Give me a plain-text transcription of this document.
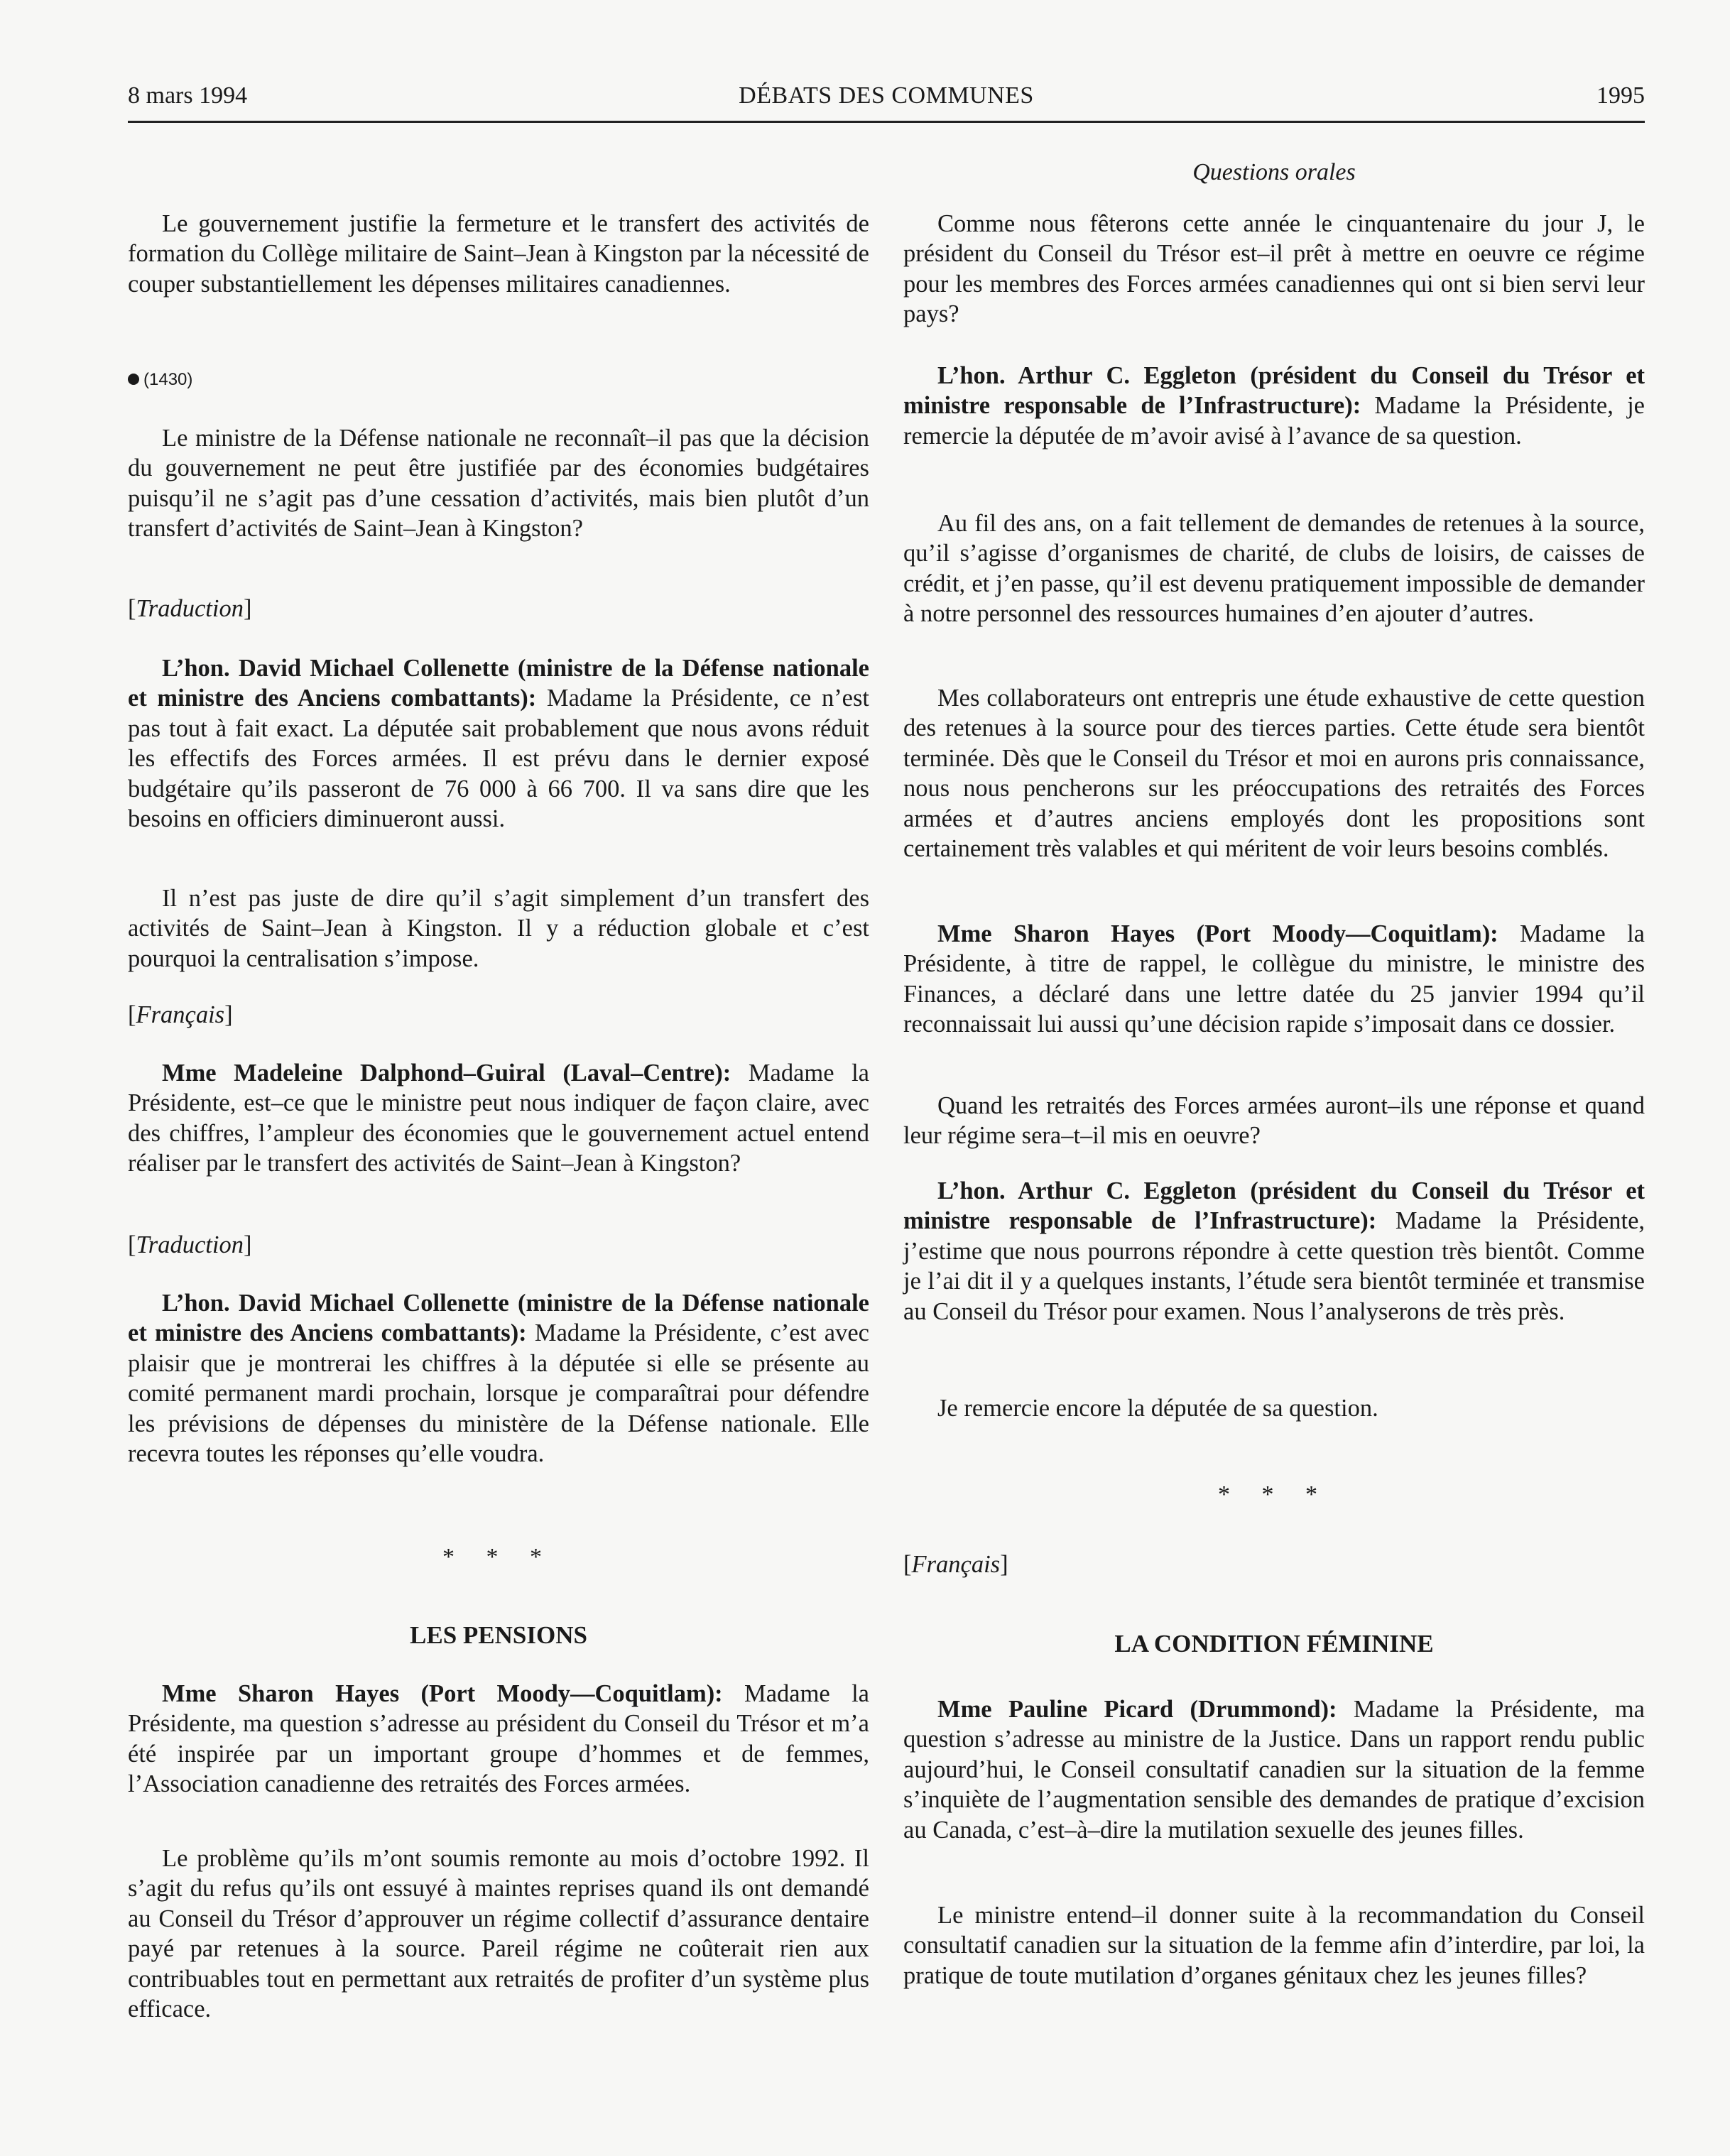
8 mars 1994	DÉBATS DES COMMUNES	1995

Le gouvernement justifie la fermeture et le transfert des activités de formation du Collège militaire de Saint–Jean à Kingston par la nécessité de couper substantiellement les dépenses militaires canadiennes.

(1430)

Le ministre de la Défense nationale ne reconnaît–il pas que la décision du gouvernement ne peut être justifiée par des économies budgétaires puisqu’il ne s’agit pas d’une cessation d’activités, mais bien plutôt d’un transfert d’activités de Saint–Jean à Kingston?

[Traduction]

L’hon. David Michael Collenette (ministre de la Défense nationale et ministre des Anciens combattants): Madame la Présidente, ce n’est pas tout à fait exact. La députée sait probablement que nous avons réduit les effectifs des Forces armées. Il est prévu dans le dernier exposé budgétaire qu’ils passeront de 76 000 à 66 700. Il va sans dire que les besoins en officiers diminueront aussi.

Il n’est pas juste de dire qu’il s’agit simplement d’un transfert des activités de Saint–Jean à Kingston. Il y a réduction globale et c’est pourquoi la centralisation s’impose.

[Français]

Mme Madeleine Dalphond–Guiral (Laval–Centre): Madame la Présidente, est–ce que le ministre peut nous indiquer de façon claire, avec des chiffres, l’ampleur des économies que le gouvernement actuel entend réaliser par le transfert des activités de Saint–Jean à Kingston?

[Traduction]

L’hon. David Michael Collenette (ministre de la Défense nationale et ministre des Anciens combattants): Madame la Présidente, c’est avec plaisir que je montrerai les chiffres à la députée si elle se présente au comité permanent mardi prochain, lorsque je comparaîtrai pour défendre les prévisions de dépenses du ministère de la Défense nationale. Elle recevra toutes les réponses qu’elle voudra.

* * *
LES PENSIONS

Mme Sharon Hayes (Port Moody—Coquitlam): Madame la Présidente, ma question s’adresse au président du Conseil du Trésor et m’a été inspirée par un important groupe d’hommes et de femmes, l’Association canadienne des retraités des Forces armées.

Le problème qu’ils m’ont soumis remonte au mois d’octobre 1992. Il s’agit du refus qu’ils ont essuyé à maintes reprises quand ils ont demandé au Conseil du Trésor d’approuver un régime collectif d’assurance dentaire payé par retenues à la source. Pareil régime ne coûterait rien aux contribuables tout en permettant aux retraités de profiter d’un système plus efficace.

Questions orales

Comme nous fêterons cette année le cinquantenaire du jour J, le président du Conseil du Trésor est–il prêt à mettre en oeuvre ce régime pour les membres des Forces armées canadiennes qui ont si bien servi leur pays?

L’hon. Arthur C. Eggleton (président du Conseil du Trésor et ministre responsable de l’Infrastructure): Madame la Présidente, je remercie la députée de m’avoir avisé à l’avance de sa question.

Au fil des ans, on a fait tellement de demandes de retenues à la source, qu’il s’agisse d’organismes de charité, de clubs de loisirs, de caisses de crédit, et j’en passe, qu’il est devenu pratiquement impossible de demander à notre personnel des ressources humaines d’en ajouter d’autres.

Mes collaborateurs ont entrepris une étude exhaustive de cette question des retenues à la source pour des tierces parties. Cette étude sera bientôt terminée. Dès que le Conseil du Trésor et moi en aurons pris connaissance, nous nous pencherons sur les préoccupations des retraités des Forces armées et d’autres anciens employés dont les propositions sont certainement très valables et qui méritent de voir leurs besoins comblés.

Mme Sharon Hayes (Port Moody—Coquitlam): Madame la Présidente, à titre de rappel, le collègue du ministre, le ministre des Finances, a déclaré dans une lettre datée du 25 janvier 1994 qu’il reconnaissait lui aussi qu’une décision rapide s’imposait dans ce dossier.

Quand les retraités des Forces armées auront–ils une réponse et quand leur régime sera–t–il mis en oeuvre?

L’hon. Arthur C. Eggleton (président du Conseil du Trésor et ministre responsable de l’Infrastructure): Madame la Présidente, j’estime que nous pourrons répondre à cette question très bientôt. Comme je l’ai dit il y a quelques instants, l’étude sera bientôt terminée et transmise au Conseil du Trésor pour examen. Nous l’analyserons de très près.

Je remercie encore la députée de sa question.

* * *
[Français]
LA CONDITION FÉMININE

Mme Pauline Picard (Drummond): Madame la Présidente, ma question s’adresse au ministre de la Justice. Dans un rapport rendu public aujourd’hui, le Conseil consultatif canadien sur la situation de la femme s’inquiète de l’augmentation sensible des demandes de pratique d’excision au Canada, c’est–à–dire la mutilation sexuelle des jeunes filles.

Le ministre entend–il donner suite à la recommandation du Conseil consultatif canadien sur la situation de la femme afin d’interdire, par loi, la pratique de toute mutilation d’organes génitaux chez les jeunes filles?
